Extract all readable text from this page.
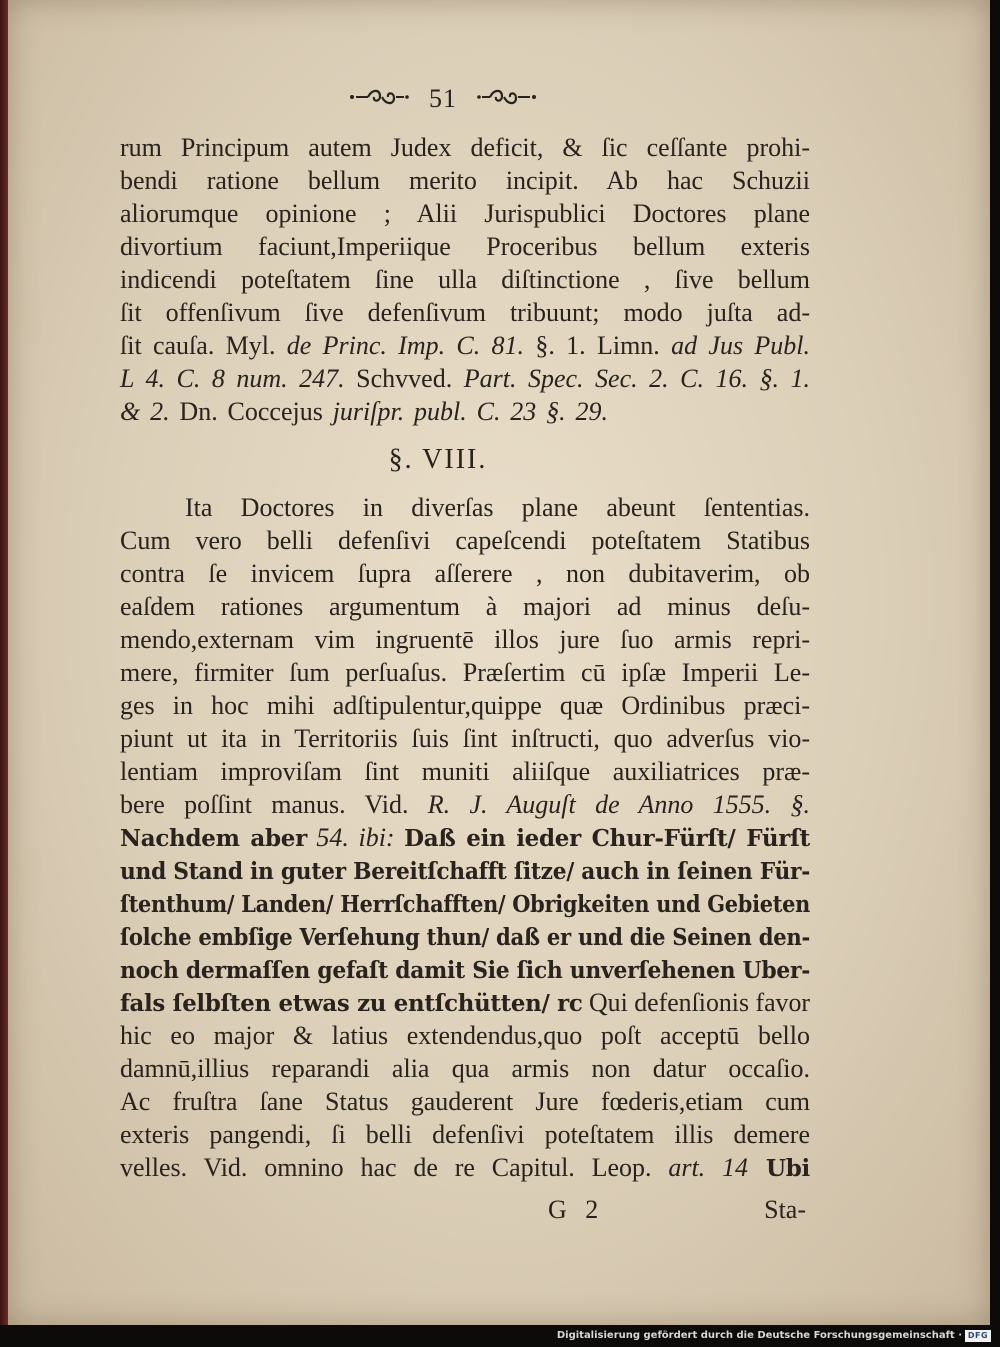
51
rum Principum autem Judex deficit, & ſic ceſſante prohi-
bendi ratione bellum merito incipit. Ab hac Schuzii
aliorumque opinione ; Alii Jurispublici Doctores plane
divortium faciunt,Imperiique Proceribus bellum exteris
indicendi poteſtatem ſine ulla diſtinctione , ſive bellum
ſit offenſivum ſive defenſivum tribuunt; modo juſta ad-
ſit cauſa. Myl. de Princ. Imp. C. 81. §. 1. Limn. ad Jus Publ.
L 4. C. 8 num. 247. Schvved. Part. Spec. Sec. 2. C. 16. §. 1.
& 2. Dn. Coccejus juriſpr. publ. C. 23 §. 29.
§. VIII.
Ita Doctores in diverſas plane abeunt ſententias.
Cum vero belli defenſivi capeſcendi poteſtatem Statibus
contra ſe invicem ſupra aſſerere , non dubitaverim, ob
eaſdem rationes argumentum à majori ad minus deſu-
mendo,externam vim ingruentē illos jure ſuo armis repri-
mere, firmiter ſum perſuaſus. Præſertim cū ipſæ Imperii Le-
ges in hoc mihi adſtipulentur,quippe quæ Ordinibus præci-
piunt ut ita in Territoriis ſuis ſint inſtructi, quo adverſus vio-
lentiam improviſam ſint muniti aliiſque auxiliatrices præ-
bere poſſint manus. Vid. R. J. Auguſt de Anno 1555. §.
Nachdem aber 54. ibi: Daß ein ieder Chur-Fürſt/ Fürſt
und Stand in guter Bereitſchafft ſitze/ auch in ſeinen Für-
ſtenthum/ Landen/ Herrſchafften/ Obrigkeiten und Gebieten
ſolche embſige Verſehung thun/ daß er und die Seinen den-
noch dermaſſen gefaſt damit Sie ſich unverſehenen Uber-
fals ſelbſten etwas zu entſchütten/ rc Qui defenſionis favor
hic eo major & latius extendendus,quo poſt acceptū bello
damnū,illius reparandi alia qua armis non datur occaſio.
Ac fruſtra ſane Status gauderent Jure fœderis,etiam cum
exteris pangendi, ſi belli defenſivi poteſtatem illis demere
velles. Vid. omnino hac de re Capitul. Leop. art. 14 Ubi
G 2	Sta-
Digitalisierung gefördert durch die Deutsche Forschungsgemeinschaft · DFG
